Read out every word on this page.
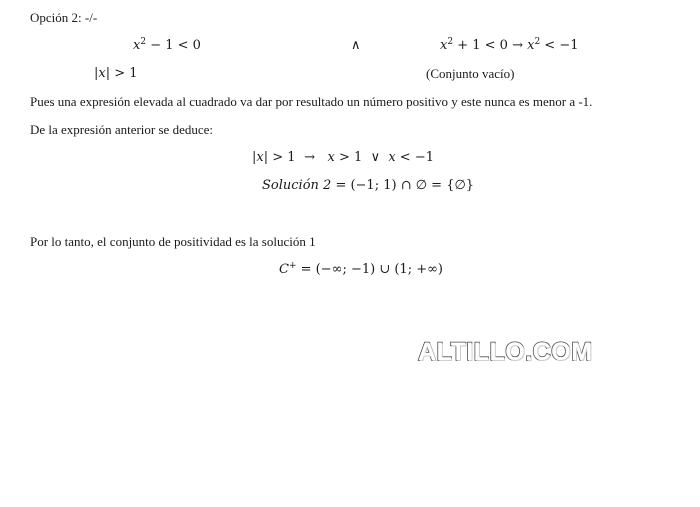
Opción 2: -/-
$x^2 - 1 < 0$	∧	$x^2 + 1 < 0 \to x^2 < -1$
|x| > 1	(Conjunto vacío)
Pues una expresión elevada al cuadrado va dar por resultado un número positivo y este nunca es menor a -1.
De la expresión anterior se deduce:
|x| > 1 → x > 1 ∨ x < −1
Solución 2 = (−1; 1) ∩ ∅ = {∅}
Por lo tanto, el conjunto de positividad es la solución 1
C+ = (−∞; −1) ∪ (1; +∞)
ALTILLO.COM
